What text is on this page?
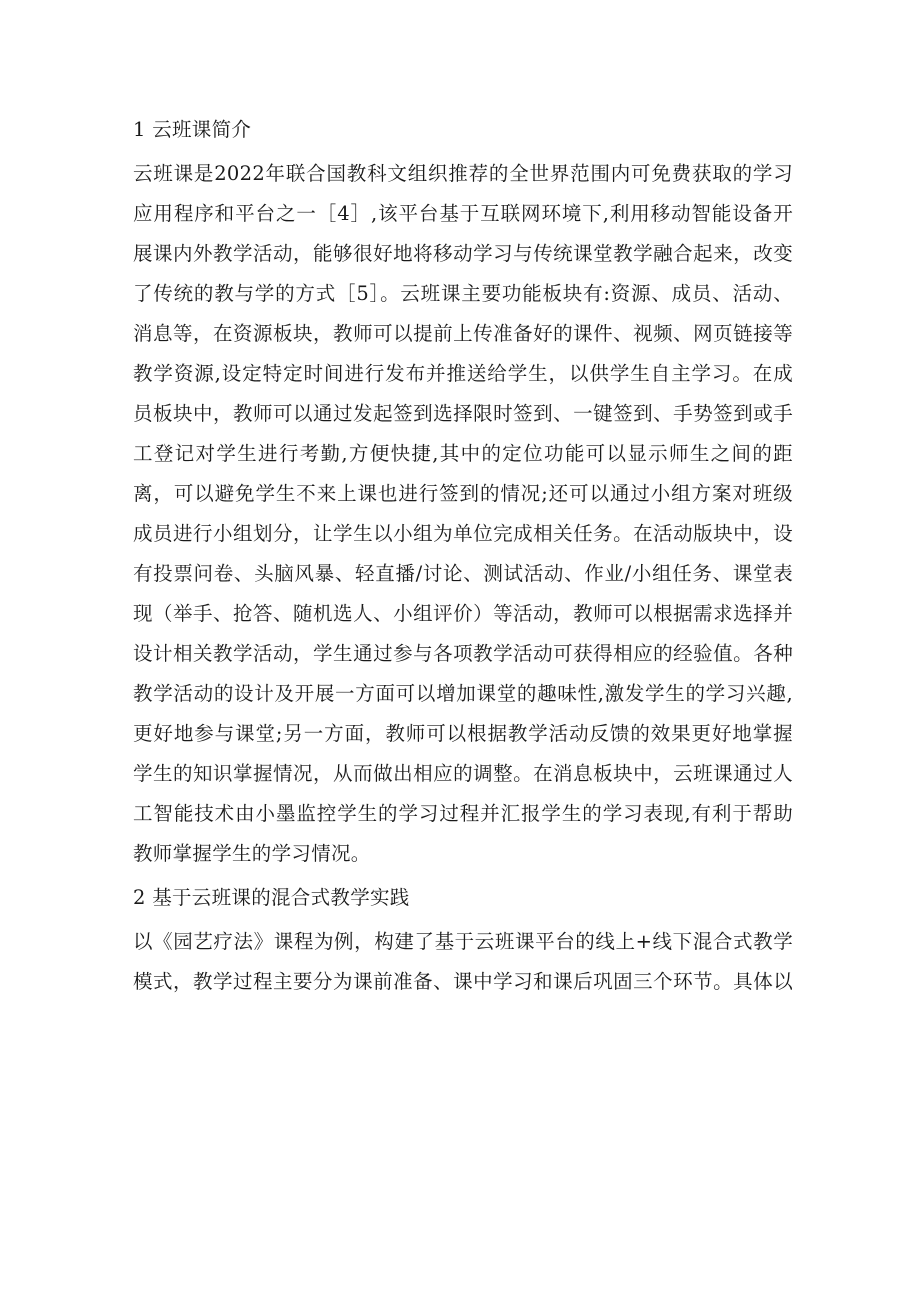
1 云班课简介
云班课是2022年联合国教科文组织推荐的全世界范围内可免费获取的学习
应用程序和平台之一［4］,该平台基于互联网环境下,利用移动智能设备开
展课内外教学活动，能够很好地将移动学习与传统课堂教学融合起来，改变
了传统的教与学的方式［5］。云班课主要功能板块有:资源、成员、活动、
消息等，在资源板块，教师可以提前上传准备好的课件、视频、网页链接等
教学资源,设定特定时间进行发布并推送给学生，以供学生自主学习。在成
员板块中，教师可以通过发起签到选择限时签到、一键签到、手势签到或手
工登记对学生进行考勤,方便快捷,其中的定位功能可以显示师生之间的距
离，可以避免学生不来上课也进行签到的情况;还可以通过小组方案对班级
成员进行小组划分，让学生以小组为单位完成相关任务。在活动版块中，设
有投票问卷、头脑风暴、轻直播/讨论、测试活动、作业/小组任务、课堂表
现（举手、抢答、随机选人、小组评价）等活动，教师可以根据需求选择并
设计相关教学活动，学生通过参与各项教学活动可获得相应的经验值。各种
教学活动的设计及开展一方面可以增加课堂的趣味性,激发学生的学习兴趣,
更好地参与课堂;另一方面，教师可以根据教学活动反馈的效果更好地掌握
学生的知识掌握情况，从而做出相应的调整。在消息板块中，云班课通过人
工智能技术由小墨监控学生的学习过程并汇报学生的学习表现,有利于帮助
教师掌握学生的学习情况。
2 基于云班课的混合式教学实践
以《园艺疗法》课程为例，构建了基于云班课平台的线上+线下混合式教学
模式，教学过程主要分为课前准备、课中学习和课后巩固三个环节。具体以
